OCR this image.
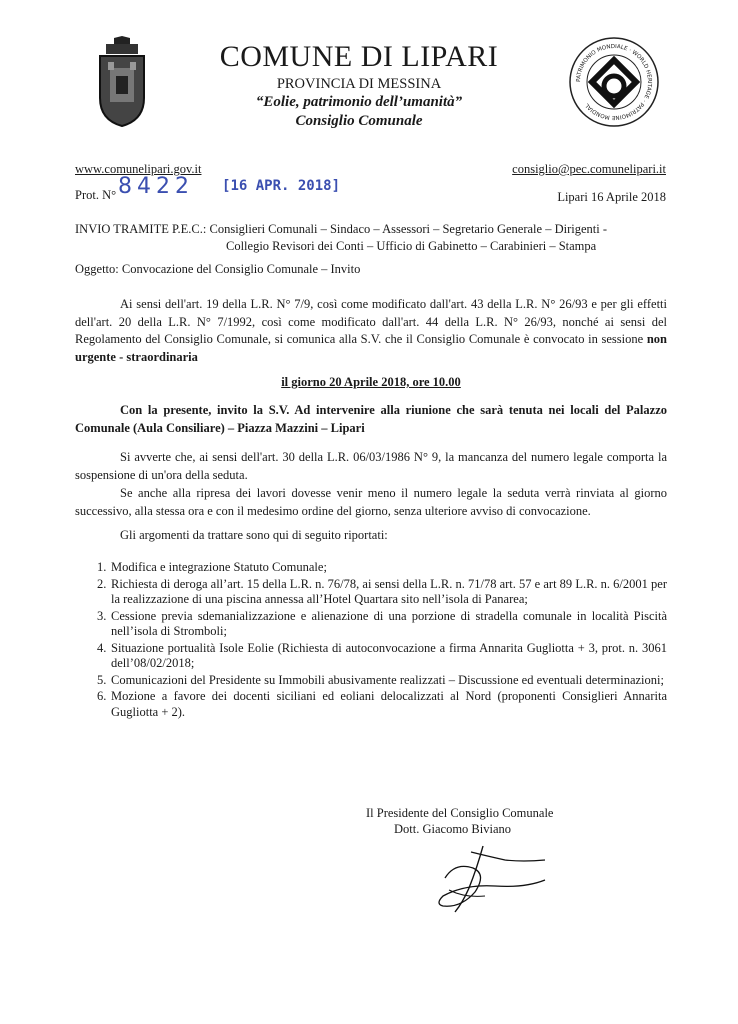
COMUNE DI LIPARI
PROVINCIA DI MESSINA
“Eolie, patrimonio dell’umanità”
Consiglio Comunale
PATRIMONIO MONDIALE · WORLD HERITAGE · PATRIMOINE MONDIAL
www.comunelipari.gov.it	consiglio@pec.comunelipari.it
Prot. N° 8422 [16 APR. 2018]
Lipari 16 Aprile 2018
INVIO TRAMITE P.E.C.: Consiglieri Comunali – Sindaco – Assessori – Segretario Generale – Dirigenti -
Collegio Revisori dei Conti – Ufficio di Gabinetto – Carabinieri – Stampa
Oggetto: Convocazione del Consiglio Comunale – Invito
Ai sensi dell'art. 19 della L.R. N° 7/9, così come modificato dall'art. 43 della L.R. N° 26/93 e per gli effetti dell'art. 20 della L.R. N° 7/1992, così come modificato dall'art. 44 della L.R. N° 26/93, nonché ai sensi del Regolamento del Consiglio Comunale, si comunica alla S.V. che il Consiglio Comunale è convocato in sessione non urgente - straordinaria
il giorno 20 Aprile 2018, ore 10.00
Con la presente, invito la S.V. Ad intervenire alla riunione che sarà tenuta nei locali del Palazzo Comunale (Aula Consiliare) – Piazza Mazzini – Lipari
Si avverte che, ai sensi dell'art. 30 della L.R. 06/03/1986 N° 9, la mancanza del numero legale comporta la sospensione di un'ora della seduta.
Se anche alla ripresa dei lavori dovesse venir meno il numero legale la seduta verrà rinviata al giorno successivo, alla stessa ora e con il medesimo ordine del giorno, senza ulteriore avviso di convocazione.
Gli argomenti da trattare sono qui di seguito riportati:
1. Modifica e integrazione Statuto Comunale;
2. Richiesta di deroga all’art. 15 della L.R. n. 76/78, ai sensi della L.R. n. 71/78 art. 57 e art 89 L.R. n. 6/2001 per la realizzazione di una piscina annessa all’Hotel Quartara sito nell’isola di Panarea;
3. Cessione previa sdemanializzazione e alienazione di una porzione di stradella comunale in località Piscità nell’isola di Stromboli;
4. Situazione portualità Isole Eolie (Richiesta di autoconvocazione a firma Annarita Gugliotta + 3, prot. n. 3061 dell’08/02/2018;
5. Comunicazioni del Presidente su Immobili abusivamente realizzati – Discussione ed eventuali determinazioni;
6. Mozione a favore dei docenti siciliani ed eoliani delocalizzati al Nord (proponenti Consiglieri Annarita Gugliotta + 2).
Il Presidente del Consiglio Comunale
Dott. Giacomo Biviano
